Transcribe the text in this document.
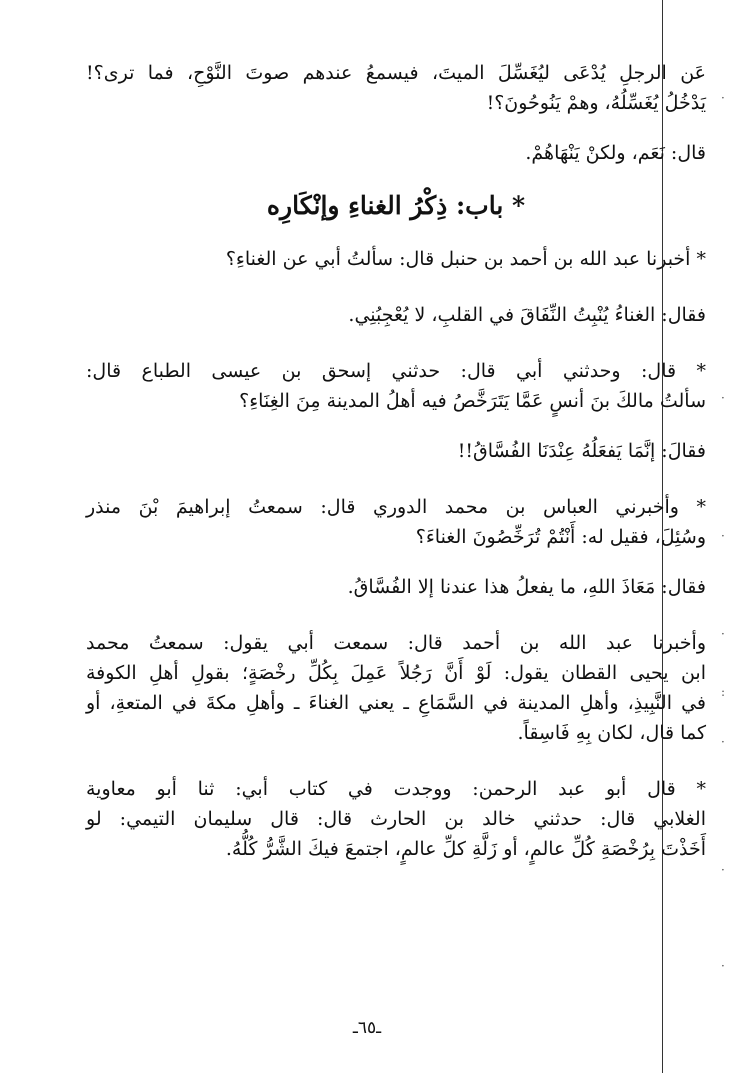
عَن الرجلِ يُدْعَى ليُغَسِّلَ الميتَ، فيسمعُ عندهم صوتَ النَّوْحِ، فما ترى؟!

يَدْخُلُ يُغَسِّلُهُ، وهمْ يَنُوحُونَ؟!

قال: نَعَم، ولكنْ يَنْهَاهُمْ.

* باب: ذِكْرُ الغناءِ وإنْكَارِه

* أخبرنا عبد الله بن أحمد بن حنبل قال: سألتُ أبي عن الغناءِ؟

فقال: الغناءُ يُنْبِتُ النِّفَاقَ في القلبِ، لا يُعْجِبُنِي.

* قال: وحدثني أبي قال: حدثني إسحق بن عيسى الطباع قال:

سألتُ مالكَ بنَ أنسٍ عَمَّا يَتَرَخَّصُ فيه أهلُ المدينة مِنَ الغِنَاءِ؟

فقالَ: إنَّمَا يَفعَلُهُ عِنْدَنَا الفُسَّاقُ!!

* وأخبرني العباس بن محمد الدوري قال: سمعتُ إبراهيمَ بْنَ منذر

وسُئِلَ، فقيل له: أَنْتُمْ تُرَخِّصُونَ الغناءَ؟

فقال: مَعَاذَ اللهِ، ما يفعلُ هذا عندنا إلا الفُسَّاقُ.

وأخبرنا عبد الله بن أحمد قال: سمعت أبي يقول: سمعتُ محمد

ابن يحيى القطان يقول: لَوْ أَنَّ رَجُلاً عَمِلَ بِكُلِّ رخْصَةٍ؛ بقولِ أهلِ الكوفة

في النَّبِيذِ، وأهلِ المدينة في السَّمَاعِ ـ يعني الغناءَ ـ وأهلِ مكةَ في المتعةِ، أو

كما قال، لكان بِهِ فَاسِقاً.

* قال أبو عبد الرحمن: ووجدت في كتاب أبي: ثنا أبو معاوية

الغلابي قال: حدثني خالد بن الحارث قال: قال سليمان التيمي: لو

أَخَذْتَ بِرُخْصَةِ كُلِّ عالمٍ، أو زَلَّةِ كلِّ عالمٍ، اجتمعَ فيكَ الشَّرُّ كُلُّهُ.

ـ٦٥ـ
·
·
·
·
:
·
·
·
